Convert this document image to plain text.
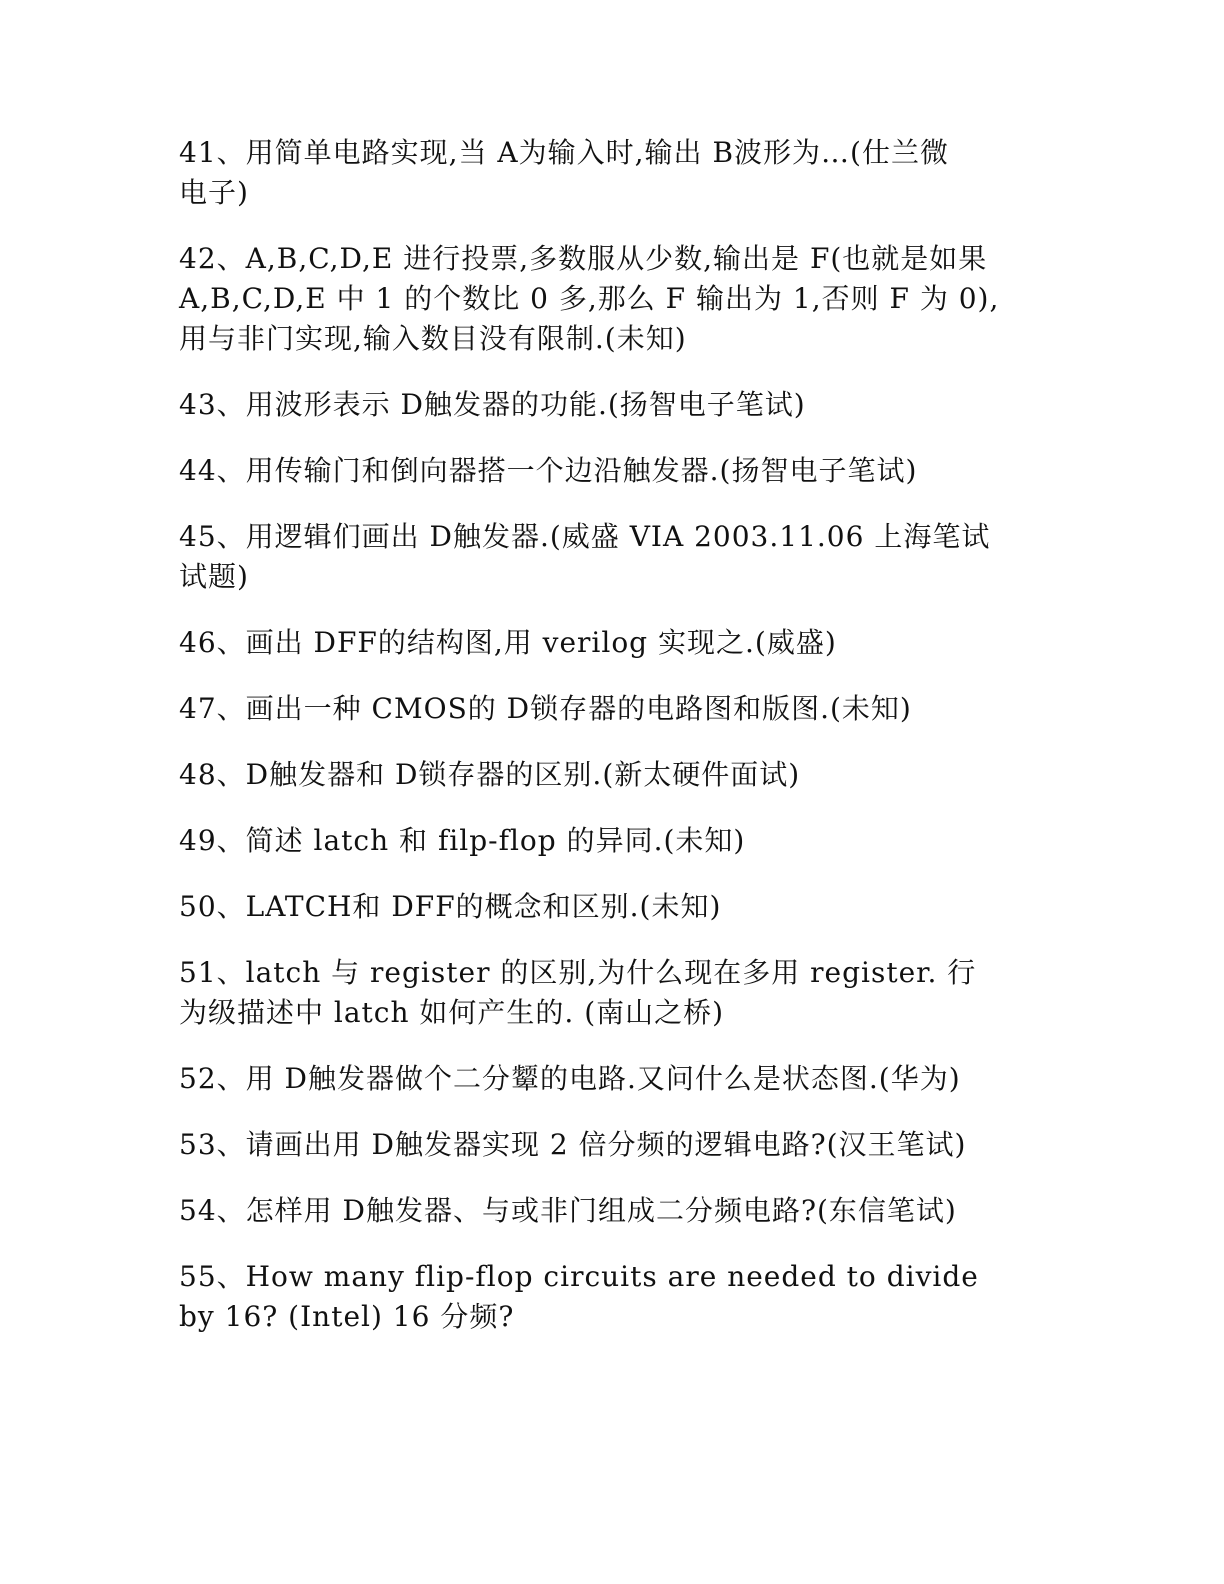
41、用简单电路实现,当 A为输入时,输出 B波形为…(仕兰微
电子)

42、A,B,C,D,E 进行投票,多数服从少数,输出是 F(也就是如果
A,B,C,D,E 中 1 的个数比 0 多,那么 F 输出为 1,否则 F 为 0),
用与非门实现,输入数目没有限制.(未知)

43、用波形表示 D触发器的功能.(扬智电子笔试)

44、用传输门和倒向器搭一个边沿触发器.(扬智电子笔试)

45、用逻辑们画出 D触发器.(威盛 VIA 2003.11.06 上海笔试
试题)

46、画出 DFF的结构图,用 verilog 实现之.(威盛)

47、画出一种 CMOS的 D锁存器的电路图和版图.(未知)

48、D触发器和 D锁存器的区别.(新太硬件面试)

49、简述 latch 和 filp-flop 的异同.(未知)

50、LATCH和 DFF的概念和区别.(未知)

51、latch 与 register 的区别,为什么现在多用 register. 行
为级描述中 latch 如何产生的. (南山之桥)

52、用 D触发器做个二分颦的电路.又问什么是状态图.(华为)

53、请画出用 D触发器实现 2 倍分频的逻辑电路?(汉王笔试)

54、怎样用 D触发器、与或非门组成二分频电路?(东信笔试)

55、How many flip-flop circuits are needed to divide
by 16? (Intel) 16 分频?
